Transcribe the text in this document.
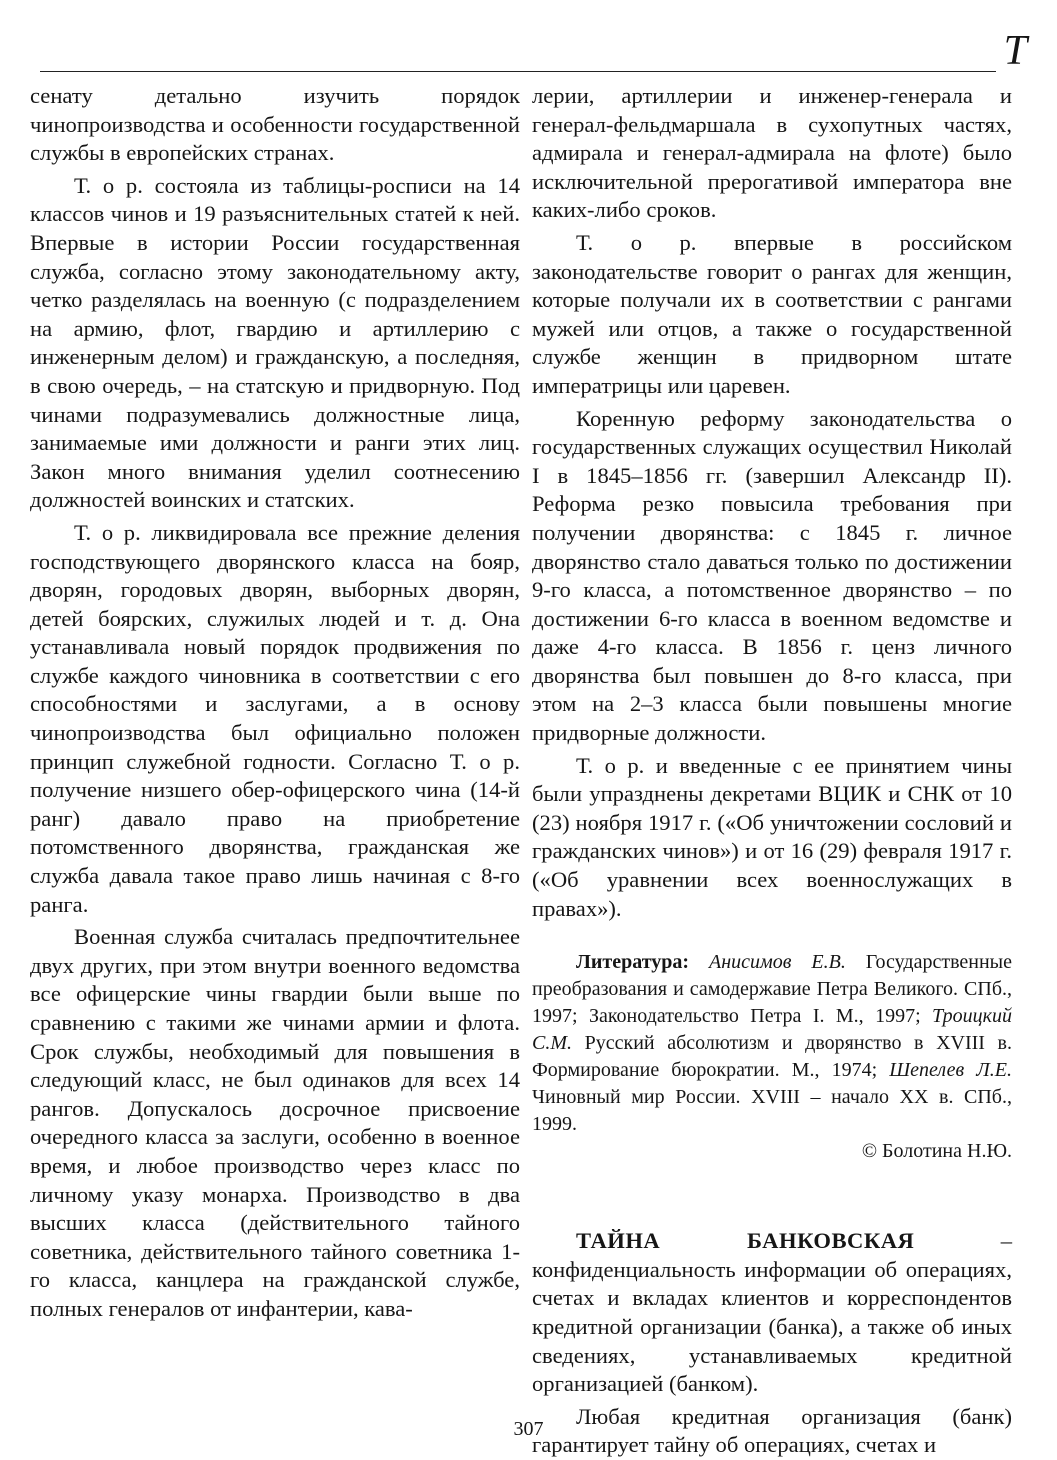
Т

сенату детально изучить порядок чинопроизводства и особенности государственной службы в европейских странах.

Т. о р. состояла из таблицы-росписи на 14 классов чинов и 19 разъяснительных статей к ней. Впервые в истории России государственная служба, согласно этому законодательному акту, четко разделялась на военную (с подразделением на армию, флот, гвардию и артиллерию с инженерным делом) и гражданскую, а последняя, в свою очередь, – на статскую и придворную. Под чинами подразумевались должностные лица, занимаемые ими должности и ранги этих лиц. Закон много внимания уделил соотнесению должностей воинских и статских.

Т. о р. ликвидировала все прежние деления господствующего дворянского класса на бояр, дворян, городовых дворян, выборных дворян, детей боярских, служилых людей и т. д. Она устанавливала новый порядок продвижения по службе каждого чиновника в соответствии с его способностями и заслугами, а в основу чинопроизводства был официально положен принцип служебной годности. Согласно Т. о р. получение низшего обер-офицерского чина (14-й ранг) давало право на приобретение потомственного дворянства, гражданская же служба давала такое право лишь начиная с 8-го ранга.

Военная служба считалась предпочтительнее двух других, при этом внутри военного ведомства все офицерские чины гвардии были выше по сравнению с такими же чинами армии и флота. Срок службы, необходимый для повышения в следующий класс, не был одинаков для всех 14 рангов. Допускалось досрочное присвоение очередного класса за заслуги, особенно в военное время, и любое производство через класс по личному указу монарха. Производство в два высших класса (действительного тайного советника, действительного тайного советника 1-го класса, канцлера на гражданской службе, полных генералов от инфантерии, кава-

лерии, артиллерии и инженер-генерала и генерал-фельдмаршала в сухопутных частях, адмирала и генерал-адмирала на флоте) было исключительной прерогативой императора вне каких-либо сроков.

Т. о р. впервые в российском законодательстве говорит о рангах для женщин, которые получали их в соответствии с рангами мужей или отцов, а также о государственной службе женщин в придворном штате императрицы или царевен.

Коренную реформу законодательства о государственных служащих осуществил Николай I в 1845–1856 гг. (завершил Александр II). Реформа резко повысила требования при получении дворянства: с 1845 г. личное дворянство стало даваться только по достижении 9-го класса, а потомственное дворянство – по достижении 6-го класса в военном ведомстве и даже 4-го класса. В 1856 г. ценз личного дворянства был повышен до 8-го класса, при этом на 2–3 класса были повышены многие придворные должности.

Т. о р. и введенные с ее принятием чины были упразднены декретами ВЦИК и СНК от 10 (23) ноября 1917 г. («Об уничтожении сословий и гражданских чинов») и от 16 (29) февраля 1917 г. («Об уравнении всех военнослужащих в правах»).

Литература: Анисимов Е.В. Государственные преобразования и самодержавие Петра Великого. СПб., 1997; Законодательство Петра I. М., 1997; Троицкий С.М. Русский абсолютизм и дворянство в XVIII в. Формирование бюрократии. М., 1974; Шепелев Л.Е. Чиновный мир России. XVIII – начало XX в. СПб., 1999.

© Болотина Н.Ю.

ТАЙНА БАНКОВСКАЯ – конфиденциальность информации об операциях, счетах и вкладах клиентов и корреспондентов кредитной организации (банка), а также об иных сведениях, устанавливаемых кредитной организацией (банком).

Любая кредитная организация (банк) гарантирует тайну об операциях, счетах и

307
